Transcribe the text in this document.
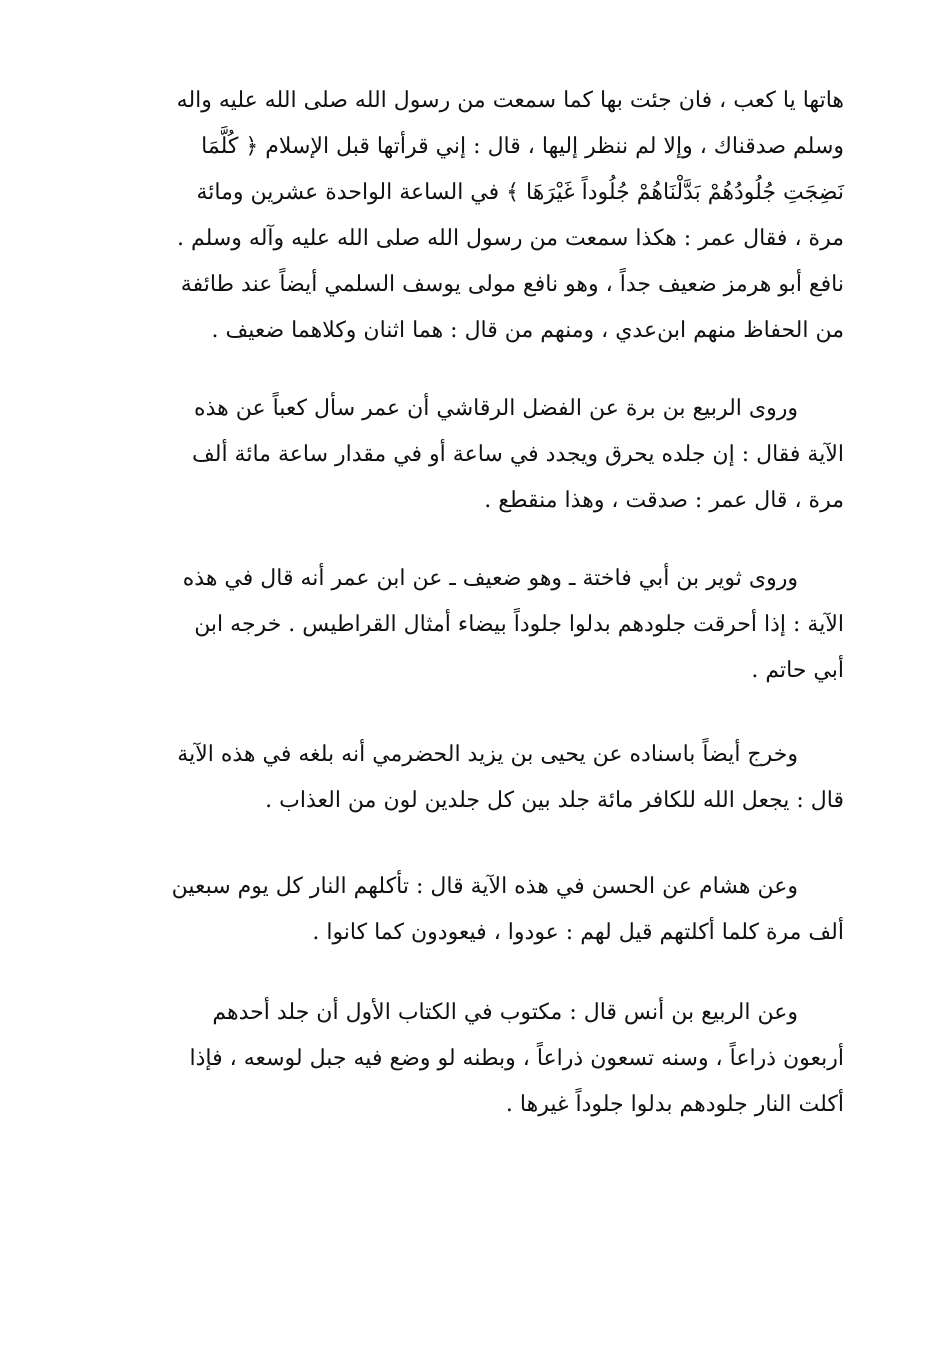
هاتها يا كعب ، فان جئت بها كما سمعت من رسول الله صلى الله عليه واله
وسلم صدقناك ، وإلا لم ننظر إليها ، قال : إني قرأتها قبل الإسلام ﴿ كُلَّمَا
نَضِجَتِ جُلُودُهُمْ بَدَّلْنَاهُمْ جُلُوداً غَيْرَهَا ﴾ في الساعة الواحدة عشرين ومائة
مرة ، فقال عمر : هكذا سمعت من رسول الله صلى الله عليه وآله وسلم .
نافع أبو هرمز ضعيف جداً ، وهو نافع مولى يوسف السلمي أيضاً عند طائفة
من الحفاظ منهم ابن‌عدي ، ومنهم من قال : هما اثنان وكلاهما ضعيف .

وروى الربيع بن برة عن الفضل الرقاشي أن عمر سأل كعباً عن هذه
الآية فقال : إن جلده يحرق ويجدد في ساعة أو في مقدار ساعة مائة ألف
مرة ، قال عمر : صدقت ، وهذا منقطع .

وروى ثوير بن أبي فاختة ـ وهو ضعيف ـ عن ابن عمر أنه قال في هذه
الآية : إذا أحرقت جلودهم بدلوا جلوداً بيضاء أمثال القراطيس . خرجه ابن
أبي حاتم .

وخرج أيضاً باسناده عن يحيى بن يزيد الحضرمي أنه بلغه في هذه الآية
قال : يجعل الله للكافر مائة جلد بين كل جلدين لون من العذاب .

وعن هشام عن الحسن في هذه الآية قال : تأكلهم النار كل يوم سبعين
ألف مرة كلما أكلتهم قيل لهم : عودوا ، فيعودون كما كانوا .

وعن الربيع بن أنس قال : مكتوب في الكتاب الأول أن جلد أحدهم
أربعون ذراعاً ، وسنه تسعون ذراعاً ، وبطنه لو وضع فيه جبل لوسعه ، فإذا
أكلت النار جلودهم بدلوا جلوداً غيرها .
